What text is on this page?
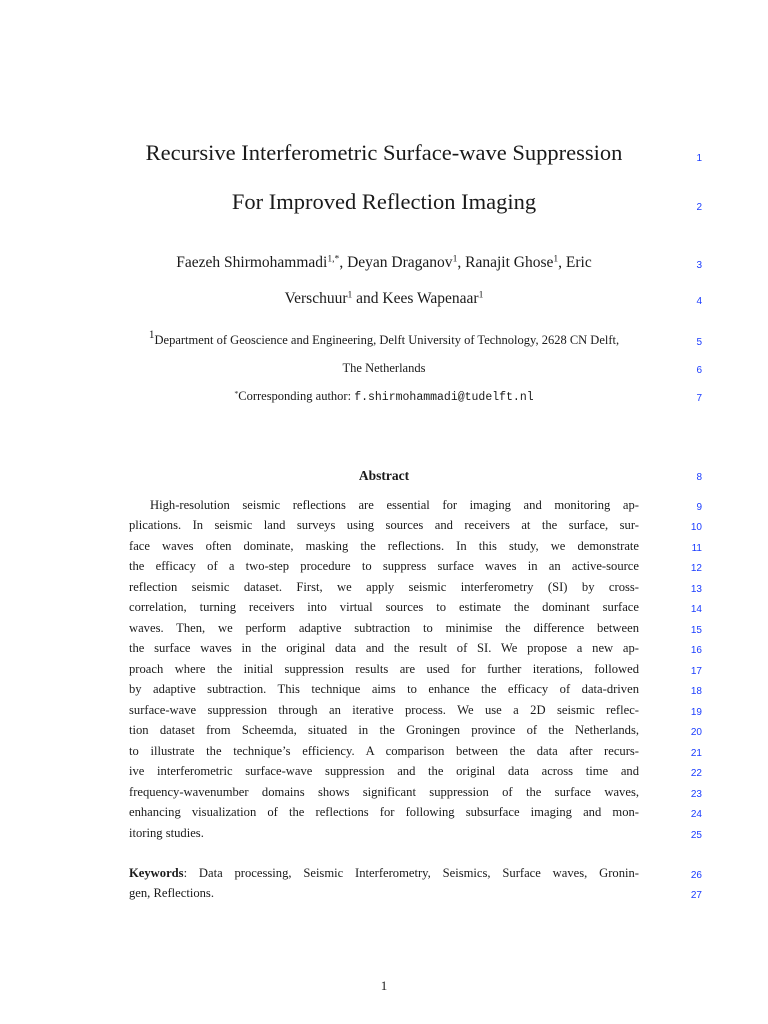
Recursive Interferometric Surface-wave Suppression	1
For Improved Reflection Imaging	2
Faezeh Shirmohammadi$^{1,*}$, Deyan Draganov$^1$, Ranajit Ghose$^1$, Eric	3
Verschuur$^1$ and Kees Wapenaar$^1$
4
$^1$Department of Geoscience and Engineering, Delft University of Technology, 2628 CN Delft,	5
The Netherlands	6
*Corresponding author: f.shirmohammadi@tudelft.nl	7
Abstract	8
High-resolution seismic reflections are essential for imaging and monitoring ap-	9
plications. In seismic land surveys using sources and receivers at the surface, sur-	10
face waves often dominate, masking the reflections. In this study, we demonstrate	11
the efficacy of a two-step procedure to suppress surface waves in an active-source	12
reflection seismic dataset. First, we apply seismic interferometry (SI) by cross-	13
correlation, turning receivers into virtual sources to estimate the dominant surface	14
waves. Then, we perform adaptive subtraction to minimise the difference between	15
the surface waves in the original data and the result of SI. We propose a new ap-	16
proach where the initial suppression results are used for further iterations, followed	17
by adaptive subtraction. This technique aims to enhance the efficacy of data-driven	18
surface-wave suppression through an iterative process. We use a 2D seismic reflec-	19
tion dataset from Scheemda, situated in the Groningen province of the Netherlands,	20
to illustrate the technique’s efficiency. A comparison between the data after recurs-	21
ive interferometric surface-wave suppression and the original data across time and	22
frequency-wavenumber domains shows significant suppression of the surface waves,	23
enhancing visualization of the reflections for following subsurface imaging and mon-	24
itoring studies.	25
Keywords: Data processing, Seismic Interferometry, Seismics, Surface waves, Gronin-	26
gen, Reflections.	27
1
